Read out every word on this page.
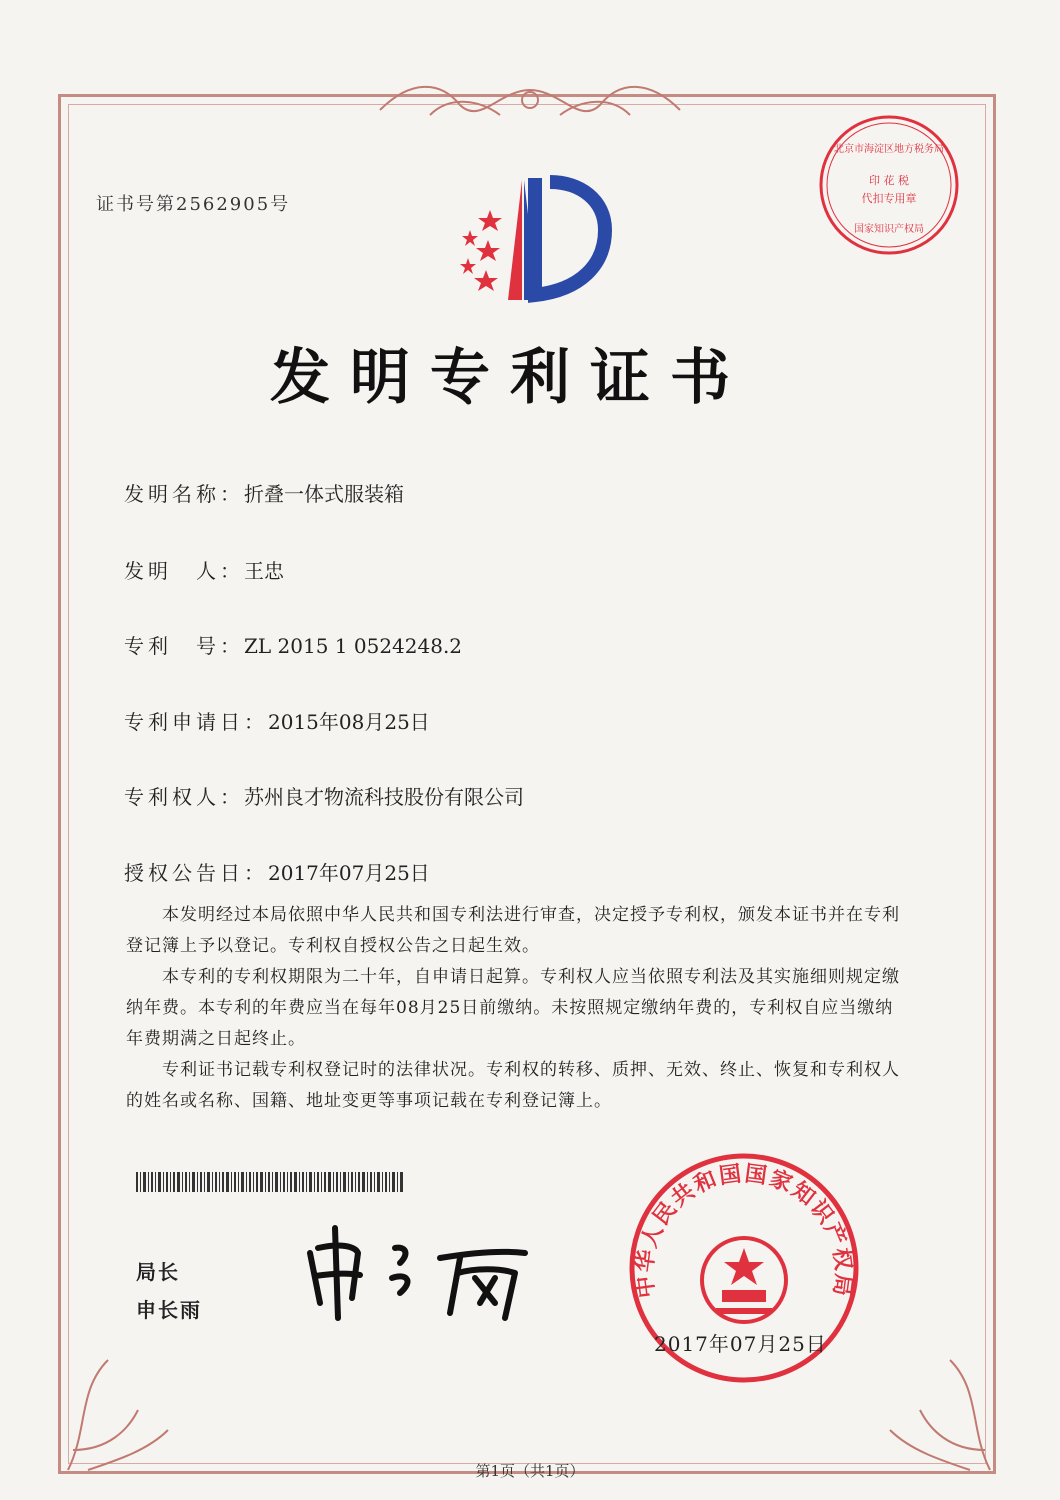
证书号第2562905号
北京市海淀区地方税务局
印 花 税
代扣专用章
国家知识产权局
发明专利证书
发明名称：折叠一体式服装箱
发明　人：王忠
专利　号：ZL 2015 1 0524248.2
专利申请日：2015年08月25日
专利权人：苏州良才物流科技股份有限公司
授权公告日：2017年07月25日

本发明经过本局依照中华人民共和国专利法进行审查，决定授予专利权，颁发本证书并在专利登记簿上予以登记。专利权自授权公告之日起生效。

本专利的专利权期限为二十年，自申请日起算。专利权人应当依照专利法及其实施细则规定缴纳年费。本专利的年费应当在每年08月25日前缴纳。未按照规定缴纳年费的，专利权自应当缴纳年费期满之日起终止。

专利证书记载专利权登记时的法律状况。专利权的转移、质押、无效、终止、恢复和专利权人的姓名或名称、国籍、地址变更等事项记载在专利登记簿上。

局长
申长雨
中华人民共和国国家知识产权局
2017年07月25日
第1页（共1页）
